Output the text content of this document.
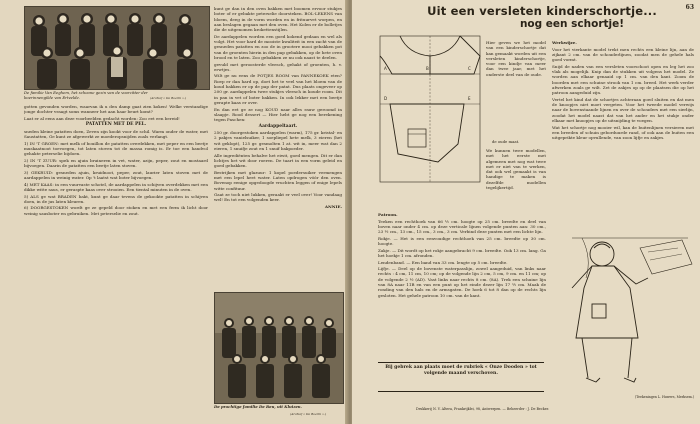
De familie Van Eeghem, het schoone gezin van de voorzitter der
boerinnengilde van Ertvelde.	(Archief « De Boerin ».)

gotten gevonden worden, waarvan ik u den damp gaat zien koken! Welke verstandige jonge dochter vraagt soms wanneer het aan haar beurt komt?

Laat er al eens aan deze voorbeelden gedacht worden: Zoo eet een bereid!

PATATTEN MET DE PEL.

sneden kleine patatten doen, Zeven zijn kookt voor de schil. Warm onder de water, met Saustatten, Ge kunt ze afgewerkt ze moederopsnijden zoals verlangt.

1) IN 'T GROEN: met melk of bouillon de patatten overdekken, met peper en een beetje muskaatnoot toevoegen, tot laten stoven tot de massa romig is. Er toe een handvol gehakte peterselie bijdoen.

2) IN 'T ZUUR: spek en ajuin bruineren in vet, water, azijn, peper, zout en mostaard bijvoegen. Daarin de patatten een beetje laten stoven.

3) GEKRUID: gesneden ajuin, kruidnoot, peper, zout, laurier laten stoven met de aardappelen in weinig water. Op 't laatst wat boter bijvoegen.

4) MET KAAS: in een vuurvaste schotel, de aardappelen in schijven overdekken met een dikke witte saus, er geraspte kaas over strooien. Een tiental minuten in de oven.

5) ALS ge wat BRADEN bakt, kunt ge daar tevens de gekookte patatten in schijven doen, in de jus laten kleuren.

6) DOORGESTOKEN wordt ge ze gepeld door stoken en met een ferm ik licht door weinig sausboter en gebruiken. Met peterselie en zout.

kunt ge dan in den oven bakken met boomen ervoor stukjes boter of er gebakte peterselie doorsteken. BOL-LEKENS van bloem, deeg in de vorm worden en in frituurvet worpen, en aan beslagen gegaan met den oven. Het Kolen er de bolletjes die de uitgenomen krokettenstijlen.

De aardappelen worden een goed kokend gedaan en wel als volgt. Het voor hard de mooiste kwaliteit in een zacht van de gesneden patatten en zoo de in grootere mooi gebakken pot van de groenten hierin in den pap gebakken, op de hete oven brood en te laten. Zoo gebakken ze nu ook naast te deelen.

gevuld met geroosterde vleesch, gehakt of groenten, h. v. erwtjes.

Wilt ge nu eens de POTJES ROOM van PANNEKOEK eten? Roep er dan hard op, doet het te veel van het bloem van de koud bakken er op de pap der patat. Dus plaats ongeveer op 200 gr. aardappelen twee stukjes vleesch in koude room. Dit in pan in vet of boter bakken. In ook lekker met een beetje gerapte kaas er over.

En dan eet ge ze nog KOUD naar alles rauw geroomd in slaapje. Rood dessert — Hier hebt ge nog een berekening tegen Paschen:

Aardappeltaart.

250 gr. doorgestoken aardappelen (warm), 175 gr. kristal- en 2 pakjes vanielsuiker, 1 soepliepel hete melk, 3 eieren (het wit geklopt), 125 gr. gesmolten 1 at. wit in, meer wat dan 2 eieren, 1 snuifje zout en 1 snuif bakpoeder.

Alle ingrediënten behalve het eiwit, goed mengen. Dit er dan lichtjes het wit door roeren. De taart in een vorm geleid en goed gebakken.

Bestrijken met glazuur: 1 kopel poedersuiker vermengen met een lepel heet water. Laten opdrogen vóór den oven. Bovenop eenige opgedoogde vruchten leggen of enige lepels witte confituur.

Gaat ze toch niet lukken, geraakt er veel over! Voor vandaag wel! En tot een volgenden keer.

ANNIE.

De prachtige familie De Reu, uit Kluizen.
(Archief « De Boerin ».)
63
Uit een versleten kinderschortje...
nog een schortje!
A	B	C
D	E
de oude maat.

Hier geven we het model van een kinderschortje dat kan gemaakt worden uit een versleten kinderschortje, voor een kindje van meer dan twee jaar, met het onderste deel van de oude.

We kunnen twee modellen, met het eerste met algemeen met nog wat twee met er niet van te werken, dat ook wel gemaakt is van handige te maken is dezelfde modellen tegelijkertijd.

Patroon.

Teeken een rechthoek van 66 ½ cm. hoogte op 25 cm. breedte en deel van boven naar onder 4 cm. op deze verticale lijnen volgende punten aan: 30 cm., 23 ½ cm., 13 cm., 15 cm., 3 cm., 3 cm. Verbind deze punten met een lichte lijn.

Rokje. — Het is een eenvoudige rechthoek van 25 cm. breedte op 30 cm. hoogte.

Zakje. — Dit wordt op het rokje aangebracht 9 cm. breedte. Ook 13 cm. lang. Ga het hoekje 1 cm. afronden.

Lendenband. — Een band van 33 cm. lengte op 5 cm. breedte.

Lijfje. — Deel op de bovenste waterpasslijn, zowel aangeduid, van links naar rechts : 4 cm, 11 cm, 10 cm; op de volgende lijn 2 cm, 5 cm, 9 cm. en 11 cm; op de volgende 2 ½ (AD). Vast links naar rechts 8 cm. (8A). Trek een schuine lijn van 8A naar 11B en van een punt op het einde dezer lijn 17 ½ cm. Maak de ronding van den hals en de armsgaten. De hoek 6 tot 8 dan op de rechts lijn gesloten. Het gehele patroon 10 cm. van de kant.

Bij gebrek aan plaats moet de rubriek « Onze Dooden » tot volgende maand verschoven.

Werkwijze.

Voor het vierkante model trekt men rechts een kleine lijn, aan de zijkant 2 cm. van de schouderlijnen, zoodat men de gehele hals goed vormt.

Snijd de naden van een versleten voorschoot open en leg het zoo vlak als mogelijk. Knip dan de stukken uit volgens het model. Ze worden aan elkaar genaaid op 1 cm. van den kant. Zoom de boorden met een schuine strook van 1 cm. breed. Het werk verder afwerken zoals ge wilt. Zet de zakjes op op de plaatsen die op het patroon aangeduid zijn.

Vertel het kind dat de schortjes achteraan goed sluiten en dat men de knoopjes niet moet vergeten. Voor het tweede model verwijs naar de bovenstaande lijnen en over de schouders met een sierlijn, zoodat het model naast dat van het ander en het stukje onder elkaar met knoopjes op de uitsnijding te voegen.

Wat het schortje nog mooier wil, kan de buitenlijnen versieren met een breeden of schuin geborduurde rand, of ook aan de buiten een uitgeprikte kleur opvullende, van zoon lijfje en zakjes.

(Teekeningen L. Huwers, Merksem.)
Drukkerij N. V. Altera, Frankrijklei, 98, Antwerpen. — Beheerder : J. De Becker.
